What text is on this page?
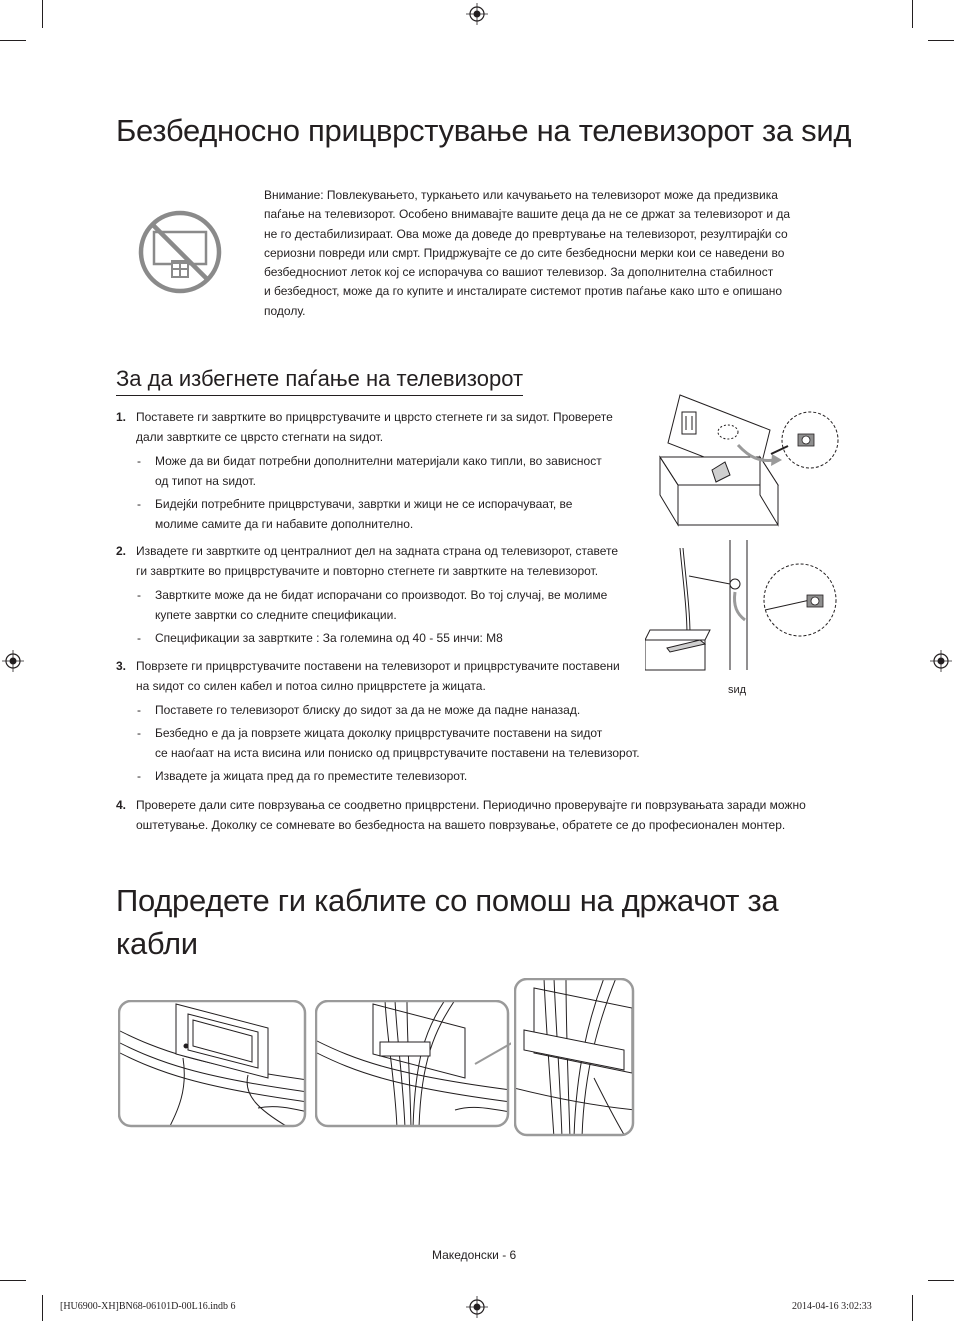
Безбедносно прицврстување на телевизорот за ѕид
Внимание: Повлекувањето, туркањето или качувањето на телевизорот може да предизвика
паѓање на телевизорот. Особено внимавајте вашите деца да не се држат за телевизорот и да
не го дестабилизираат. Ова може да доведе до превртување на телевизорот, резултирајќи со
сериозни повреди или смрт. Придржувајте се до сите безбедносни мерки кои се наведени во
безбедносниот леток кој се испорачува со вашиот телевизор. За дополнителна стабилност
и безбедност, може да го купите и инсталирате системот против паѓање како што е опишано
подолу.
За да избегнете паѓање на телевизорот
1. Поставете ги завртките во прицврстувачите и цврсто стегнете ги за ѕидот. Проверете
дали завртките се цврсто стегнати на ѕидот.
- Може да ви бидат потребни дополнителни материјали како типли, во зависност
од типот на ѕидот.
- Бидејќи потребните прицврстувачи, завртки и жици не се испорачуваат, ве
молиме самите да ги набавите дополнително.
2. Извадете ги завртките од централниот дел на задната страна од телевизорот, ставете
ги завртките во прицврстувачите и повторно стегнете ги завртките на телевизорот.
- Завртките може да не бидат испорачани со производот. Во тој случај, ве молиме
купете завртки со следните спецификации.
- Спецификации за завртките : За големина од 40 - 55 инчи: M8
3. Поврзете ги прицврстувачите поставени на телевизорот и прицврстувачите поставени
на ѕидот со силен кабел и потоа силно прицврстете ја жицата.
- Поставете го телевизорот блиску до ѕидот за да не може да падне наназад.
- Безбедно е да ја поврзете жицата доколку прицврстувачите поставени на ѕидот
се наоѓаат на иста висина или пониско од прицврстувачите поставени на телевизорот.
- Извадете ја жицата пред да го преместите телевизорот.
4. Проверете дали сите поврзувања се соодветно прицврстени. Периодично проверувајте ги поврзувањата заради можно
оштетување. Доколку се сомневате во безбедноста на вашето поврзување, обратете се до професионален монтер.
ѕид
Подредете ги каблите со помош на држачот за
кабли
Македонски - 6
[HU6900-XH]BN68-06101D-00L16.indb 6	2014-04-16 3:02:33
